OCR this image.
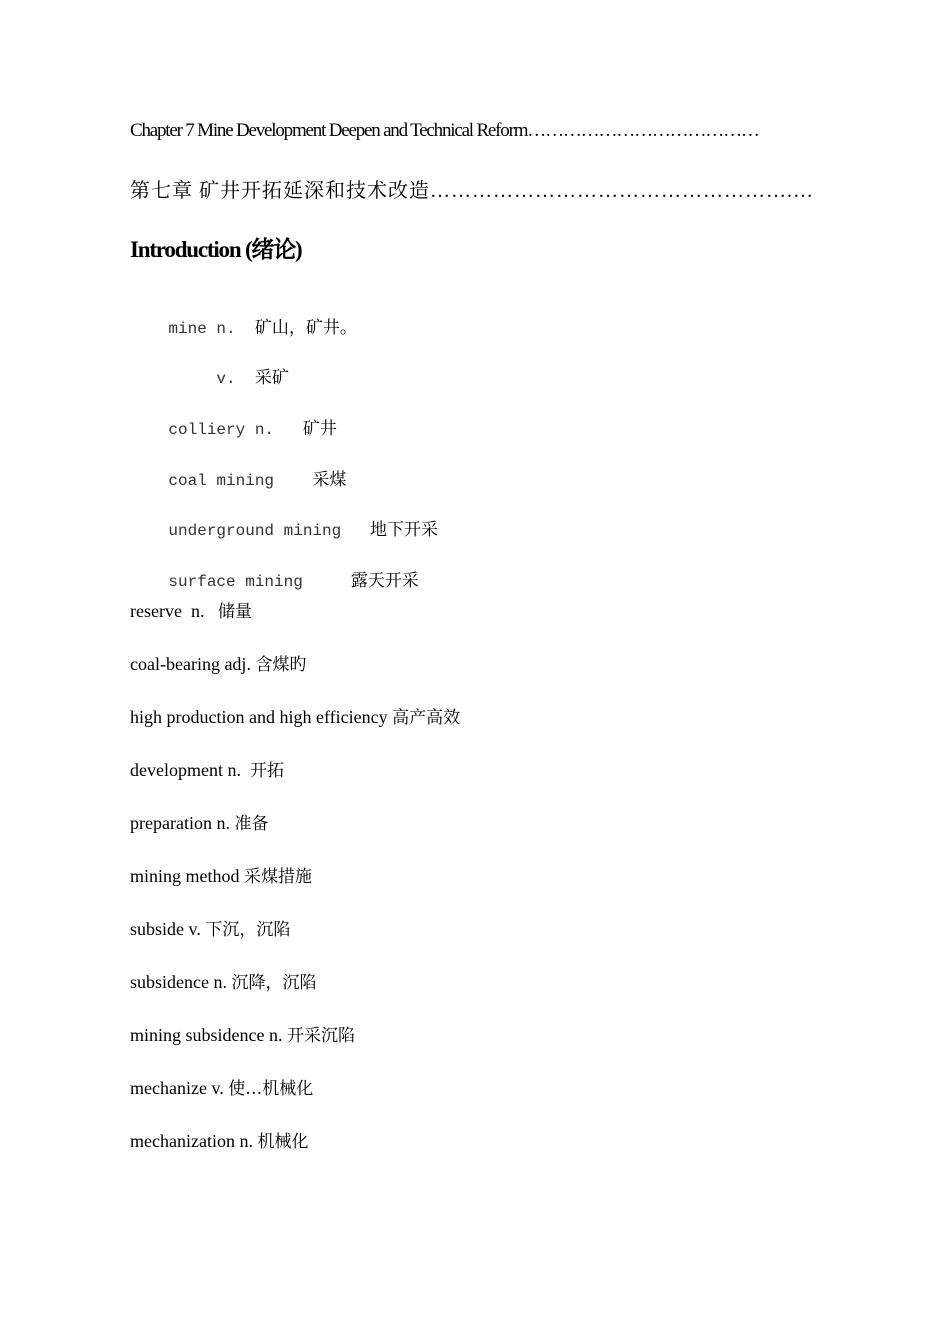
Chapter 7 Mine Development Deepen and Technical Reform…………………………………
第七章 矿井开拓延深和技术改造…………………………………………….…
Introduction (绪论)

mine n.  矿山，矿井。

v.  采矿

colliery n.   矿井

coal mining    采煤

underground mining   地下开采

surface mining     露天开采

reserve  n.   储量
coal-bearing adj. 含煤旳
high production and high efficiency 高产高效
development n.  开拓
preparation n. 准备
mining method 采煤措施
subside v. 下沉，沉陷
subsidence n. 沉降，沉陷
mining subsidence n. 开采沉陷
mechanize v. 使…机械化
mechanization n. 机械化
